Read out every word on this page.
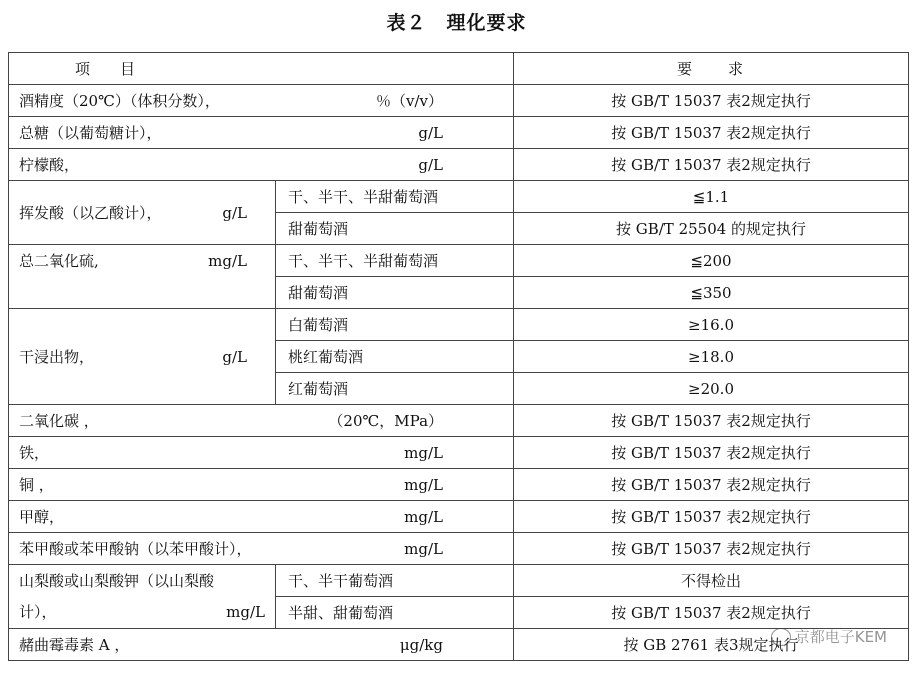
表２　理化要求
项　　目		要　　求

酒精度（20℃）（体积分数）， ％（v/v）		按 GB/T 15037 表2规定执行

总糖（以葡萄糖计）， g/L		按 GB/T 15037 表2规定执行

柠檬酸， g/L		按 GB/T 15037 表2规定执行

挥发酸（以乙酸计）， g/L	干、半干、半甜葡萄酒	≦1.1
	甜葡萄酒	按 GB/T 25504 的规定执行

总二氧化硫, mg/L	干、半干、半甜葡萄酒	≦200
	甜葡萄酒	≦350

干浸出物， g/L	白葡萄酒	≥16.0
	桃红葡萄酒	≥18.0
	红葡萄酒	≥20.0

二氧化碳 ， （20℃，MPa）		按 GB/T 15037 表2规定执行

铁， mg/L		按 GB/T 15037 表2规定执行

铜 ， mg/L		按 GB/T 15037 表2规定执行

甲醇， mg/L		按 GB/T 15037 表2规定执行

苯甲酸或苯甲酸钠（以苯甲酸计）， mg/L		按 GB/T 15037 表2规定执行

山梨酸或山梨酸钾（以山梨酸
计）， mg/L	干、半干葡萄酒	不得检出
	半甜、甜葡萄酒	按 GB/T 15037 表2规定执行

赭曲霉毒素 A ， μg/kg		按 GB 2761 表3规定执行
京都电子KEM
